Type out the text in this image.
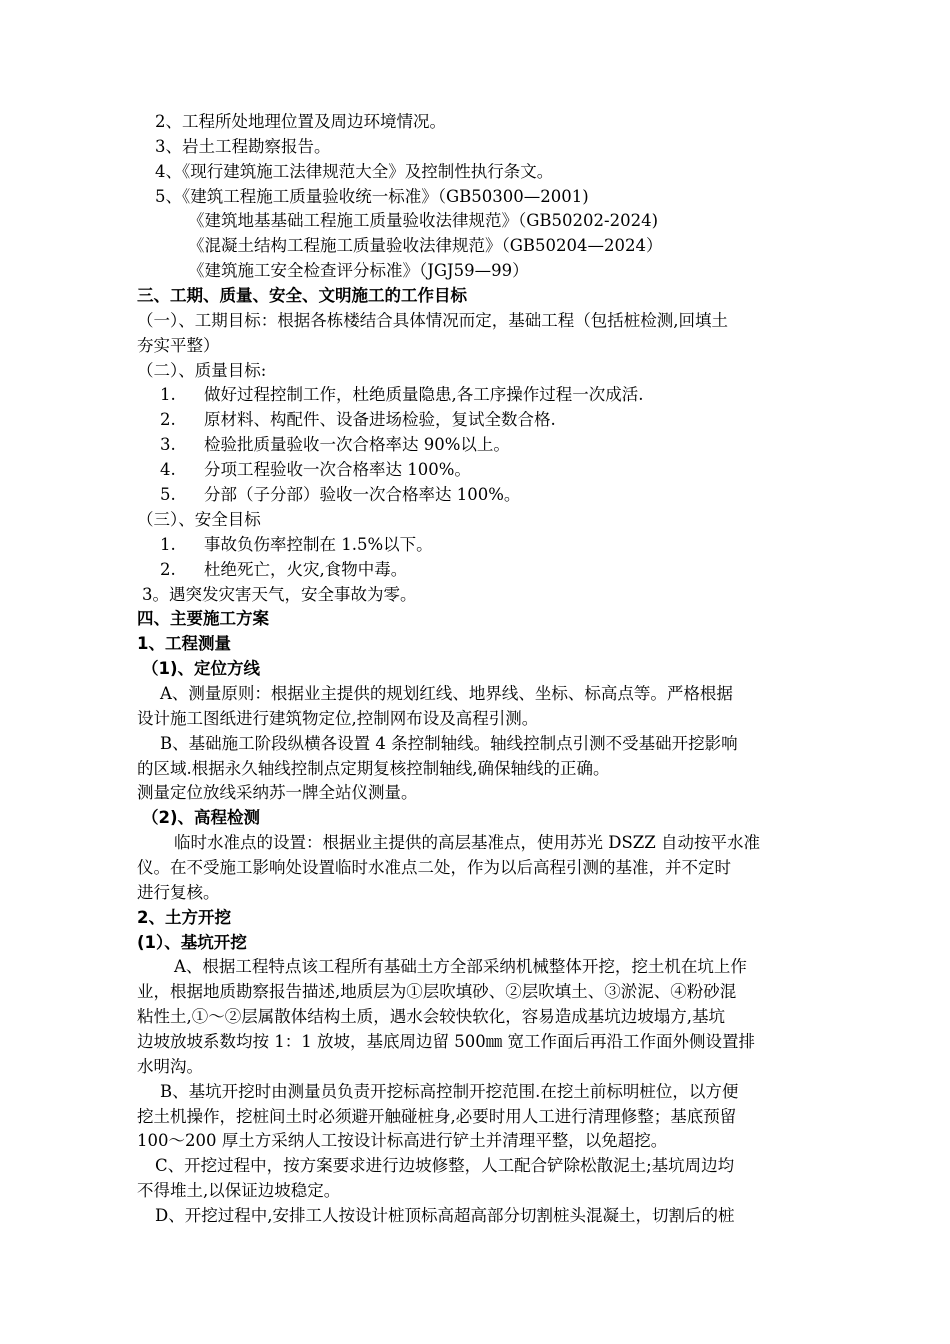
2、工程所处地理位置及周边环境情况。
3、岩土工程勘察报告。
4、《现行建筑施工法律规范大全》及控制性执行条文。
5、《建筑工程施工质量验收统一标准》（GB50300—2001)
《建筑地基基础工程施工质量验收法律规范》（GB50202-2024)
《混凝土结构工程施工质量验收法律规范》（GB50204—2024）
《建筑施工安全检查评分标准》（JGJ59—99）
三、工期、质量、安全、文明施工的工作目标
（一）、工期目标：根据各栋楼结合具体情况而定，基础工程（包括桩检测,回填土
夯实平整）
（二）、质量目标:
1. 做好过程控制工作，杜绝质量隐患,各工序操作过程一次成活.
2. 原材料、构配件、设备进场检验，复试全数合格.
3. 检验批质量验收一次合格率达 90%以上。
4. 分项工程验收一次合格率达 100%。
5. 分部（子分部）验收一次合格率达 100%。
（三）、安全目标
1. 事故负伤率控制在 1.5%以下。
2. 杜绝死亡，火灾,食物中毒。
3。遇突发灾害天气，安全事故为零。
四、主要施工方案
1、工程测量
（1)、定位方线
A、测量原则：根据业主提供的规划红线、地界线、坐标、标高点等。严格根据
设计施工图纸进行建筑物定位,控制网布设及高程引测。
B、基础施工阶段纵横各设置 4 条控制轴线。轴线控制点引测不受基础开挖影响
的区域.根据永久轴线控制点定期复核控制轴线,确保轴线的正确。
测量定位放线采纳苏一牌全站仪测量。
（2)、高程检测
临时水准点的设置：根据业主提供的高层基准点，使用苏光 DSZZ 自动按平水准
仪。在不受施工影响处设置临时水准点二处，作为以后高程引测的基准，并不定时
进行复核。
2、土方开挖
(1）、基坑开挖
A、根据工程特点该工程所有基础土方全部采纳机械整体开挖，挖土机在坑上作
业，根据地质勘察报告描述,地质层为①层吹填砂、②层吹填土、③淤泥、④粉砂混
粘性土,①～②层属散体结构土质，遇水会较快软化，容易造成基坑边坡塌方,基坑
边坡放坡系数均按 1：1 放坡，基底周边留 500㎜ 宽工作面后再沿工作面外侧设置排
水明沟。
B、基坑开挖时由测量员负责开挖标高控制开挖范围.在挖土前标明桩位，以方便
挖土机操作，挖桩间土时必须避开触碰桩身,必要时用人工进行清理修整；基底预留
100～200 厚土方采纳人工按设计标高进行铲土并清理平整，以免超挖。
C、开挖过程中，按方案要求进行边坡修整，人工配合铲除松散泥土;基坑周边均
不得堆土,以保证边坡稳定。
D、开挖过程中,安排工人按设计桩顶标高超高部分切割桩头混凝土，切割后的桩
